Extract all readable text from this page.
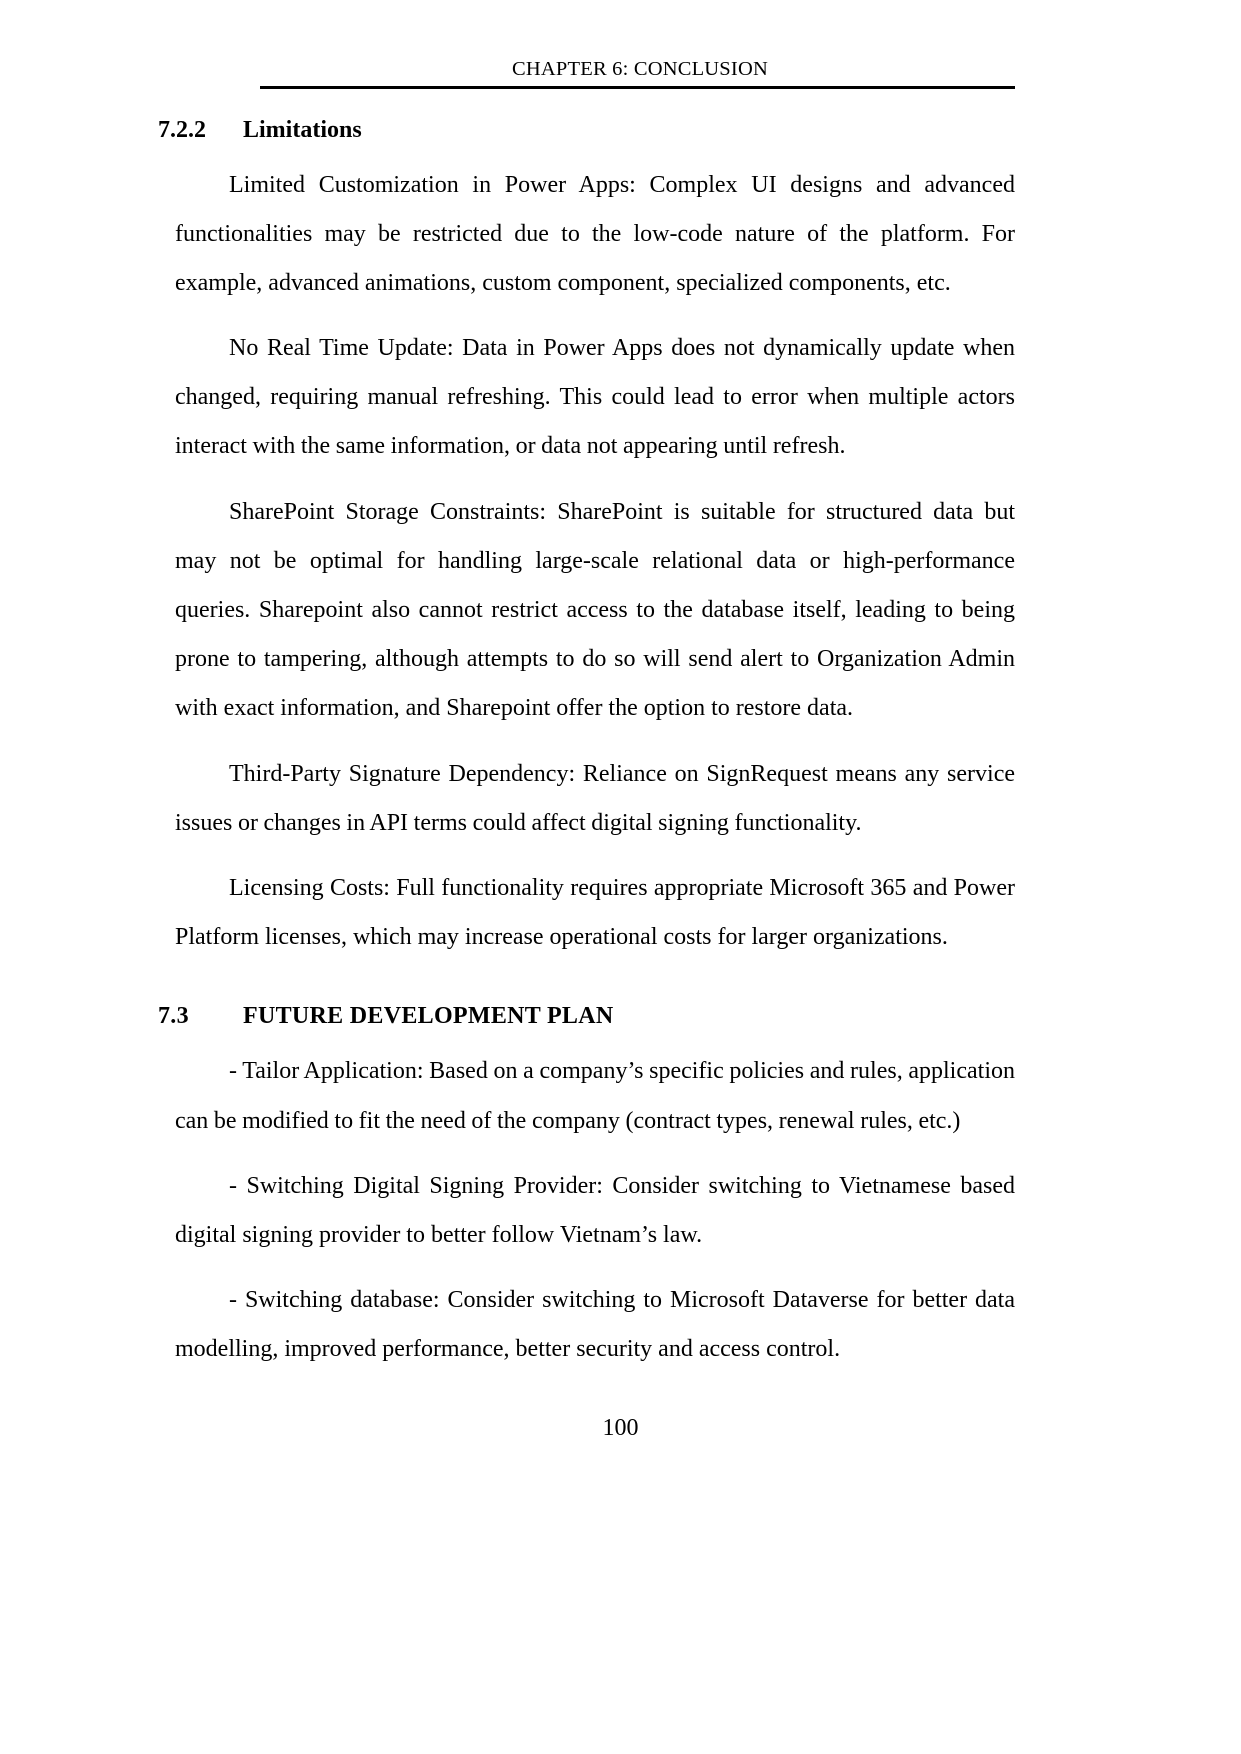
CHAPTER 6: CONCLUSION
7.2.2	Limitations

Limited Customization in Power Apps: Complex UI designs and advanced functionalities may be restricted due to the low-code nature of the platform. For example, advanced animations, custom component, specialized components, etc.

No Real Time Update: Data in Power Apps does not dynamically update when changed, requiring manual refreshing. This could lead to error when multiple actors interact with the same information, or data not appearing until refresh.

SharePoint Storage Constraints: SharePoint is suitable for structured data but may not be optimal for handling large-scale relational data or high-performance queries. Sharepoint also cannot restrict access to the database itself, leading to being prone to tampering, although attempts to do so will send alert to Organization Admin with exact information, and Sharepoint offer the option to restore data.

Third-Party Signature Dependency: Reliance on SignRequest means any service issues or changes in API terms could affect digital signing functionality.

Licensing Costs: Full functionality requires appropriate Microsoft 365 and Power Platform licenses, which may increase operational costs for larger organizations.

7.3	FUTURE DEVELOPMENT PLAN

- Tailor Application: Based on a company’s specific policies and rules, application can be modified to fit the need of the company (contract types, renewal rules, etc.)

- Switching Digital Signing Provider: Consider switching to Vietnamese based digital signing provider to better follow Vietnam’s law.

- Switching database: Consider switching to Microsoft Dataverse for better data modelling, improved performance, better security and access control.

100
